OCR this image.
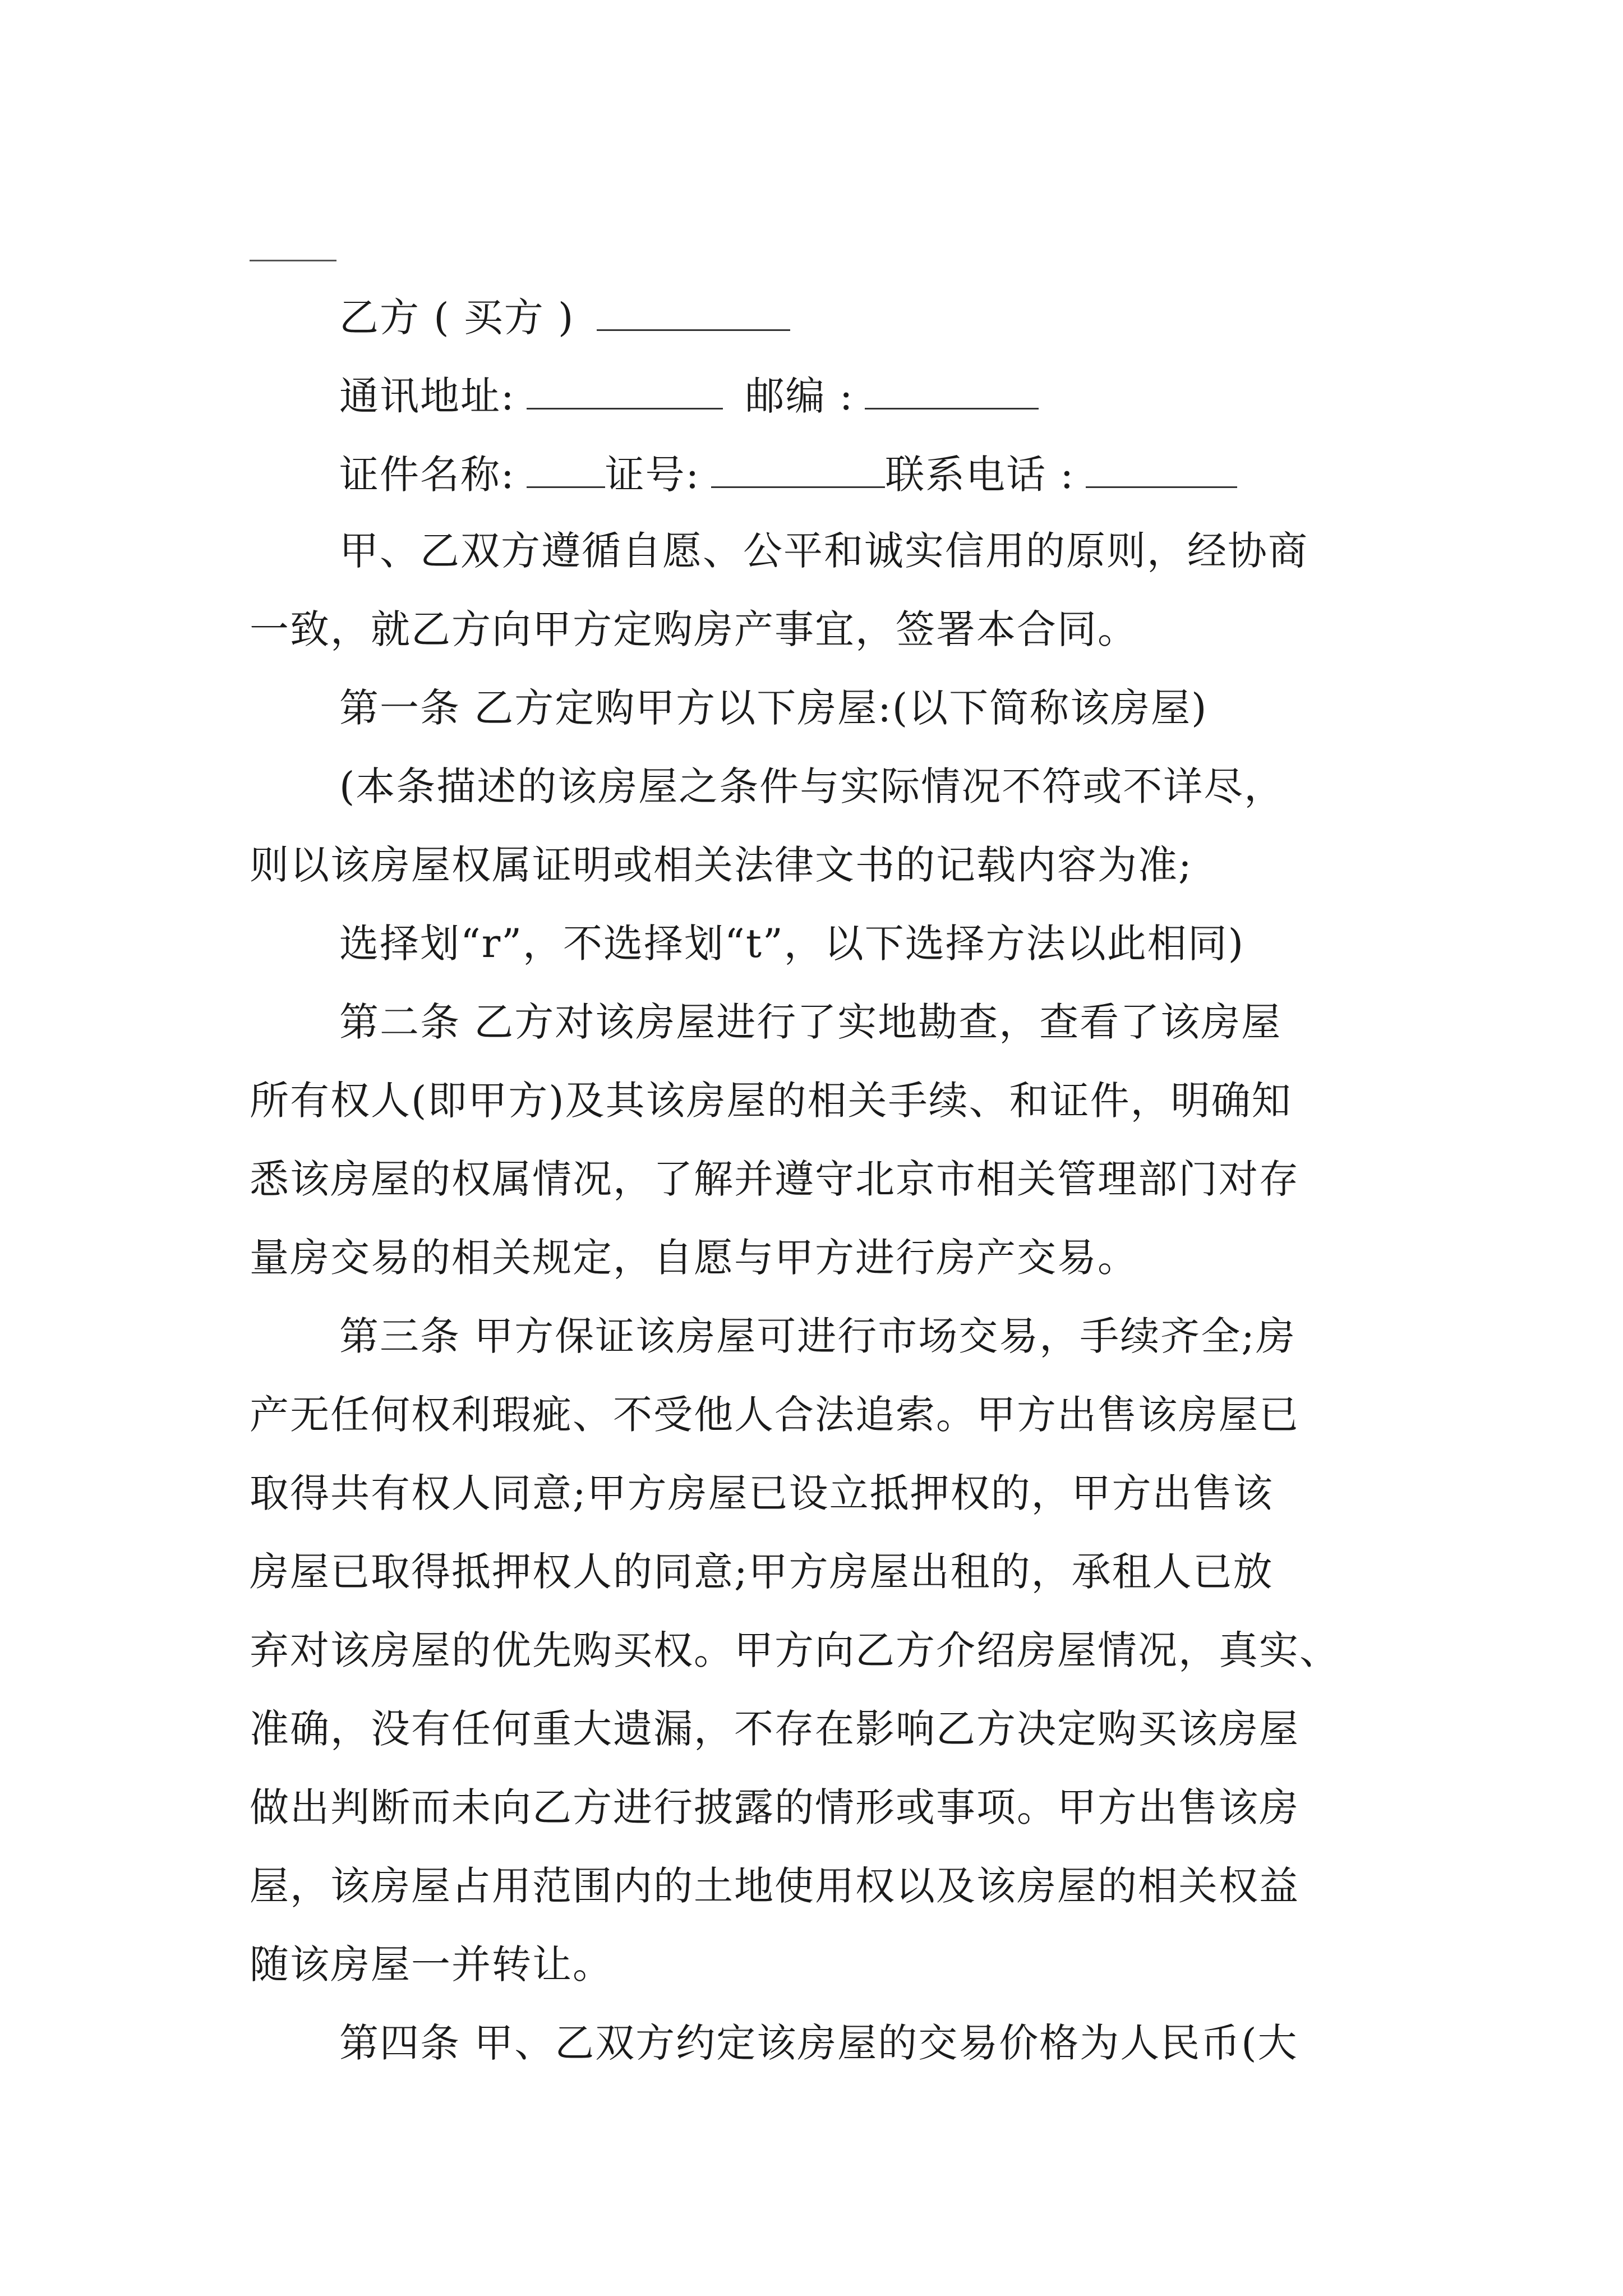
乙方 ( 买方 )
通讯地址:	邮编 :
证件名称: 证号:	联系电话 :
甲、乙双方遵循自愿、公平和诚实信用的原则，经协商
一致，就乙方向甲方定购房产事宜，签署本合同。
第一条 乙方定购甲方以下房屋:(以下简称该房屋)
(本条描述的该房屋之条件与实际情况不符或不详尽，
则以该房屋权属证明或相关法律文书的记载内容为准;
选择划“r”，不选择划“t”，以下选择方法以此相同)
第二条 乙方对该房屋进行了实地勘查，查看了该房屋
所有权人(即甲方)及其该房屋的相关手续、和证件，明确知
悉该房屋的权属情况，了解并遵守北京市相关管理部门对存
量房交易的相关规定，自愿与甲方进行房产交易。
第三条 甲方保证该房屋可进行市场交易，手续齐全;房
产无任何权利瑕疵、不受他人合法追索。甲方出售该房屋已
取得共有权人同意;甲方房屋已设立抵押权的，甲方出售该
房屋已取得抵押权人的同意;甲方房屋出租的，承租人已放
弃对该房屋的优先购买权。甲方向乙方介绍房屋情况，真实、
准确，没有任何重大遗漏，不存在影响乙方决定购买该房屋
做出判断而未向乙方进行披露的情形或事项。甲方出售该房
屋，该房屋占用范围内的土地使用权以及该房屋的相关权益
随该房屋一并转让。
第四条 甲、乙双方约定该房屋的交易价格为人民币(大
